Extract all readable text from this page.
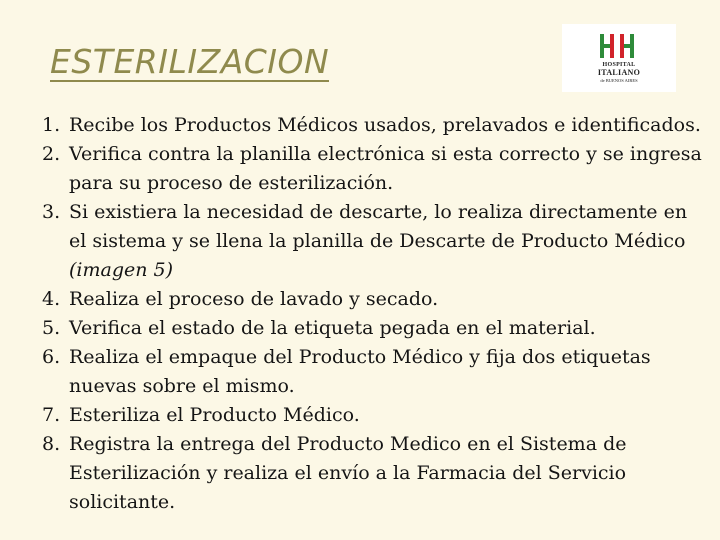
ESTERILIZACION	HOSPITAL
ITALIANO
de BUENOS AIRES
1. Recibe los Productos Médicos usados, prelavados e identificados.
2. Verifica contra la planilla electrónica si esta correcto y se ingresa para su proceso de esterilización.
3. Si existiera la necesidad de descarte, lo realiza directamente en el sistema y se llena la planilla de Descarte de Producto Médico (imagen 5)
4. Realiza el proceso de lavado y secado.
5. Verifica el estado de la etiqueta pegada en el material.
6. Realiza el empaque del Producto Médico y fija dos etiquetas nuevas sobre el mismo.
7. Esteriliza el Producto Médico.
8. Registra la entrega del Producto Medico en el Sistema de Esterilización y realiza el envío a la Farmacia del Servicio solicitante.
